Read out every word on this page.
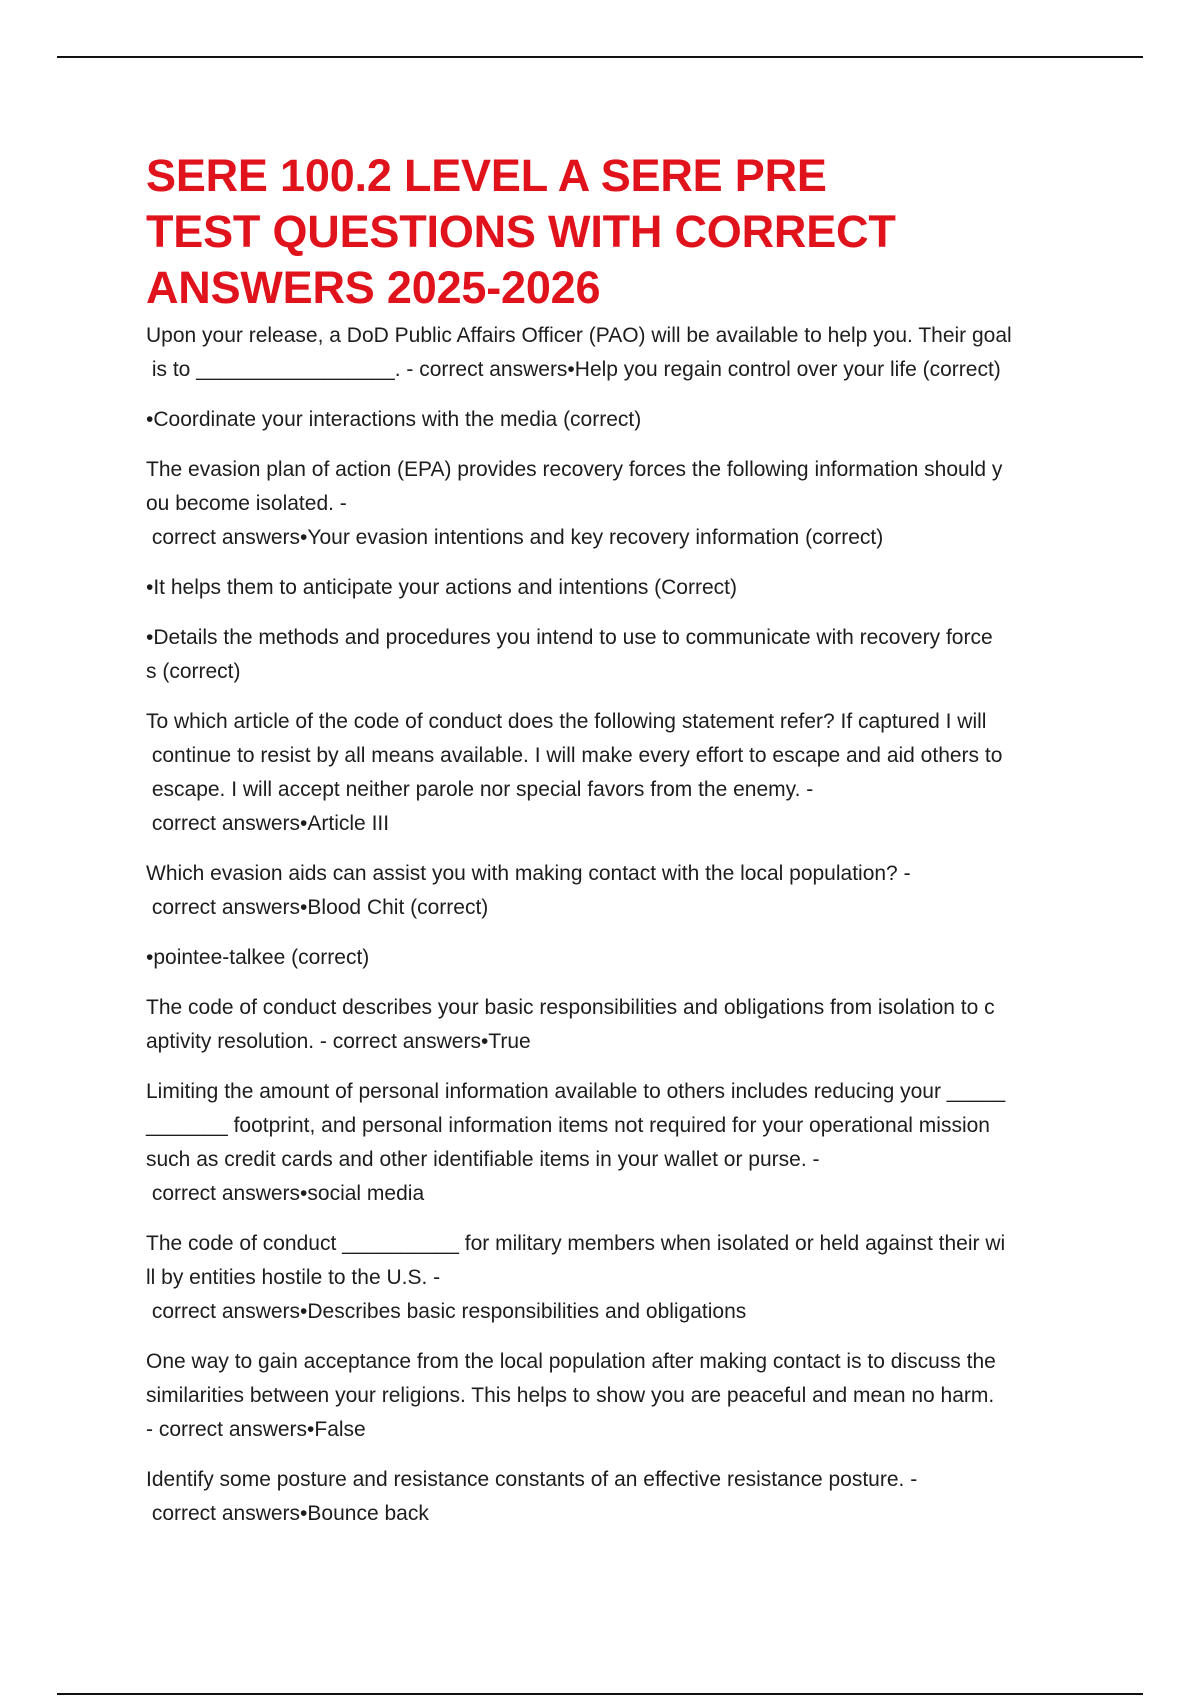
SERE 100.2 LEVEL A SERE PRE
TEST QUESTIONS WITH CORRECT
ANSWERS 2025-2026

Upon your release, a DoD Public Affairs Officer (PAO) will be available to help you. Their goal
is to _________________. - correct answers•Help you regain control over your life (correct)

•Coordinate your interactions with the media (correct)

The evasion plan of action (EPA) provides recovery forces the following information should y
ou become isolated. -
correct answers•Your evasion intentions and key recovery information (correct)

•It helps them to anticipate your actions and intentions (Correct)

•Details the methods and procedures you intend to use to communicate with recovery force
s (correct)

To which article of the code of conduct does the following statement refer? If captured I will
continue to resist by all means available. I will make every effort to escape and aid others to
escape. I will accept neither parole nor special favors from the enemy. -
correct answers•Article III

Which evasion aids can assist you with making contact with the local population? -
correct answers•Blood Chit (correct)

•pointee-talkee (correct)

The code of conduct describes your basic responsibilities and obligations from isolation to c
aptivity resolution. - correct answers•True

Limiting the amount of personal information available to others includes reducing your _____
_______ footprint, and personal information items not required for your operational mission
such as credit cards and other identifiable items in your wallet or purse. -
correct answers•social media

The code of conduct __________ for military members when isolated or held against their wi
ll by entities hostile to the U.S. -
correct answers•Describes basic responsibilities and obligations

One way to gain acceptance from the local population after making contact is to discuss the
similarities between your religions. This helps to show you are peaceful and mean no harm.
- correct answers•False

Identify some posture and resistance constants of an effective resistance posture. -
correct answers•Bounce back
